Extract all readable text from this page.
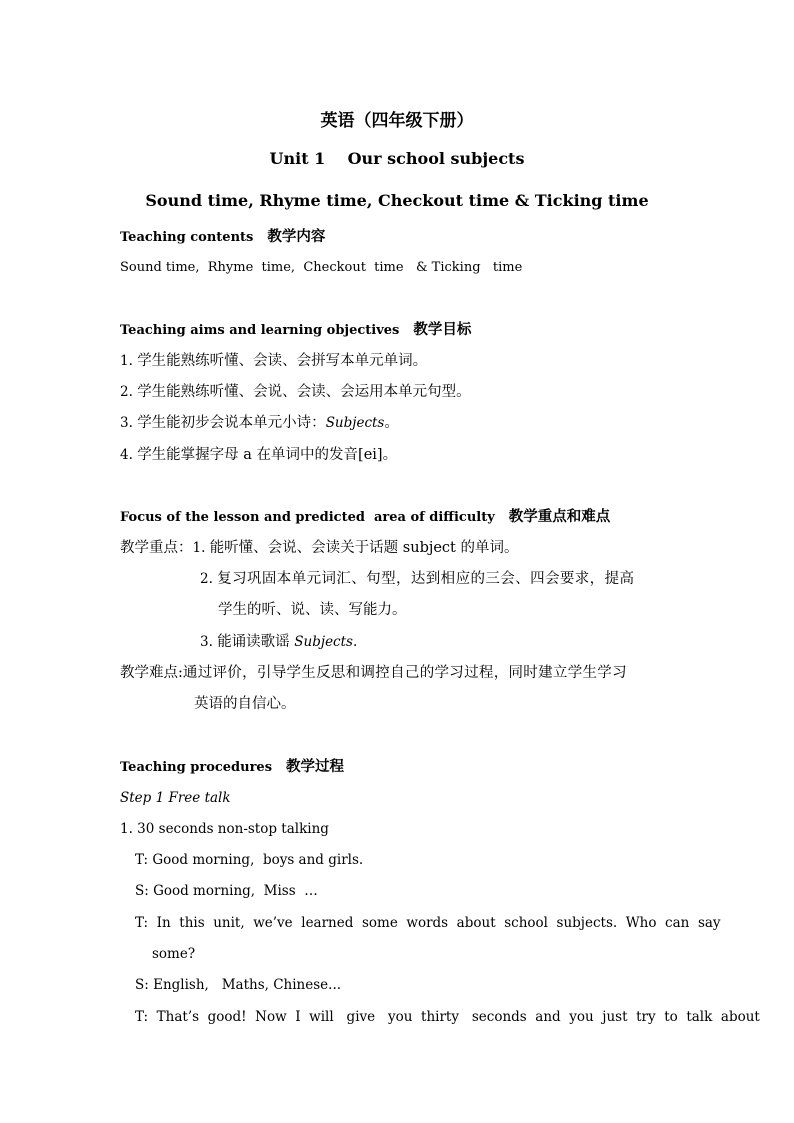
英语（四年级下册）
Unit 1    Our school subjects
Sound time, Rhyme time, Checkout time & Ticking time
Teaching contents 教学内容
Sound time,  Rhyme  time,  Checkout  time   & Ticking   time
Teaching aims and learning objectives 教学目标
1. 学生能熟练听懂、会读、会拼写本单元单词。
2. 学生能熟练听懂、会说、会读、会运用本单元句型。
3. 学生能初步会说本单元小诗：Subjects。
4. 学生能掌握字母 a 在单词中的发音[ei]。
Focus of the lesson and predicted  area of difficulty 教学重点和难点
教学重点：1. 能听懂、会说、会读关于话题 subject 的单词。
2. 复习巩固本单元词汇、句型，达到相应的三会、四会要求，提高
学生的听、说、读、写能力。
3. 能诵读歌谣 Subjects.
教学难点:通过评价，引导学生反思和调控自己的学习过程，同时建立学生学习
英语的自信心。
Teaching procedures 教学过程
Step 1 Free talk
1. 30 seconds non-stop talking
T: Good morning,  boys and girls.
S: Good morning,  Miss  …
T:  In  this  unit,  we’ve  learned  some  words  about  school  subjects.  Who  can  say
some?
S: English,   Maths, Chinese...
T:  That’s  good!  Now  I  will   give   you  thirty   seconds  and  you  just  try  to  talk  about
